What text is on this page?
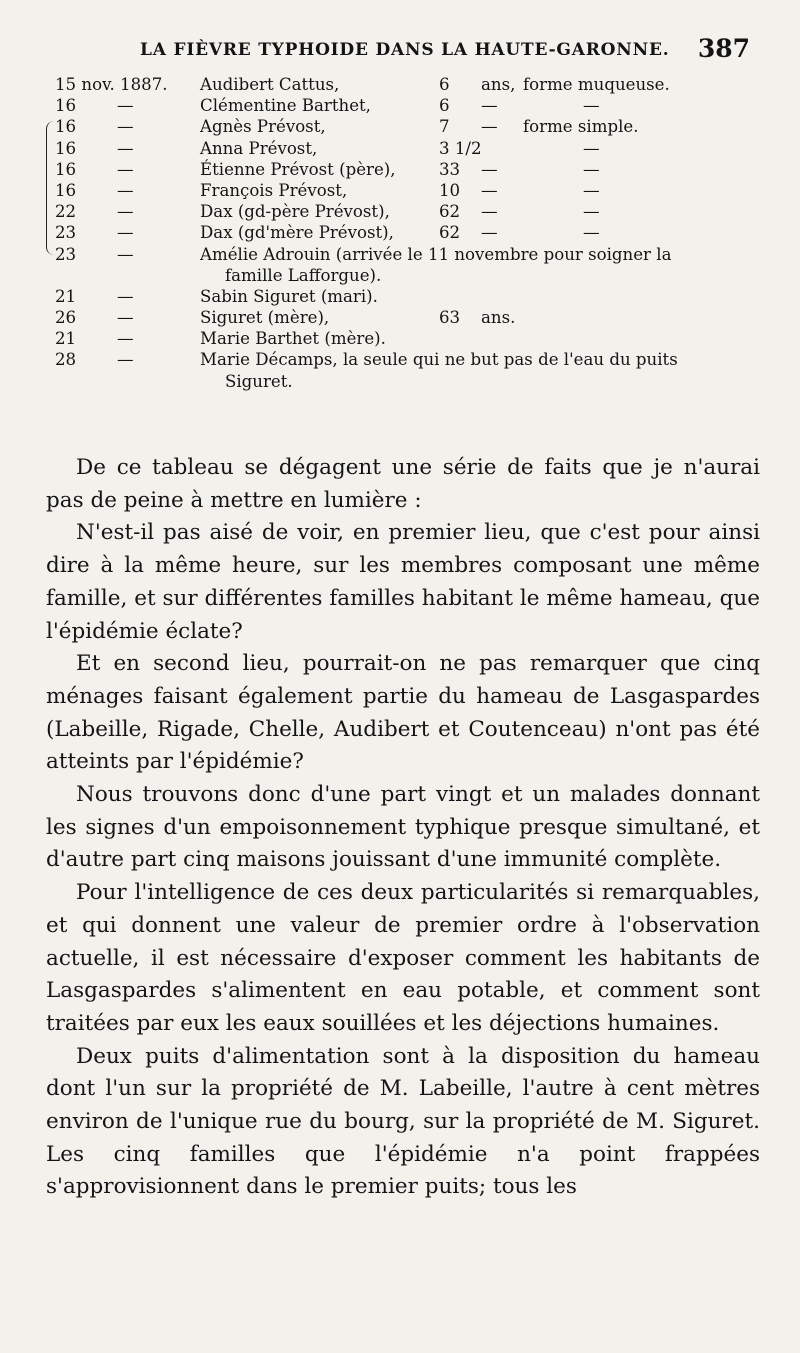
LA FIÈVRE TYPHOIDE DANS LA HAUTE-GARONNE. 387
15 nov. 1887. Audibert Cattus,	6 ans, forme muqueuse.
16 —	Clémentine Barthet,	6 —	—
16 —	Agnès Prévost,	7 — forme simple.
16 —	Anna Prévost,	3 1/2	—
16 —	Étienne Prévost (père),	33 —	—
16 —	François Prévost,	10 —	—
22 —	Dax (gd-père Prévost),	62 —	—
23 —	Dax (gd'mère Prévost),	62 —	—
23 —	Amélie Adrouin (arrivée le 11 novembre pour soigner la
famille Lafforgue).
21 —	Sabin Siguret (mari).
26 —	Siguret (mère),	63 ans.
21 —	Marie Barthet (mère).
28 —	Marie Décamps, la seule qui ne but pas de l'eau du puits
Siguret.

De ce tableau se dégagent une série de faits que je n'aurai pas de peine à mettre en lumière :

N'est-il pas aisé de voir, en premier lieu, que c'est pour ainsi dire à la même heure, sur les membres composant une même famille, et sur différentes familles habitant le même hameau, que l'épidémie éclate?

Et en second lieu, pourrait-on ne pas remarquer que cinq ménages faisant également partie du hameau de Lasgaspardes (Labeille, Rigade, Chelle, Audibert et Coutenceau) n'ont pas été atteints par l'épidémie?

Nous trouvons donc d'une part vingt et un malades donnant les signes d'un empoisonnement typhique presque simultané, et d'autre part cinq maisons jouissant d'une immunité complète.

Pour l'intelligence de ces deux particularités si remarquables, et qui donnent une valeur de premier ordre à l'observation actuelle, il est nécessaire d'exposer comment les habitants de Lasgaspardes s'alimentent en eau potable, et comment sont traitées par eux les eaux souillées et les déjections humaines.

Deux puits d'alimentation sont à la disposition du hameau dont l'un sur la propriété de M. Labeille, l'autre à cent mètres environ de l'unique rue du bourg, sur la propriété de M. Siguret. Les cinq familles que l'épidémie n'a point frappées s'approvisionnent dans le premier puits; tous les
